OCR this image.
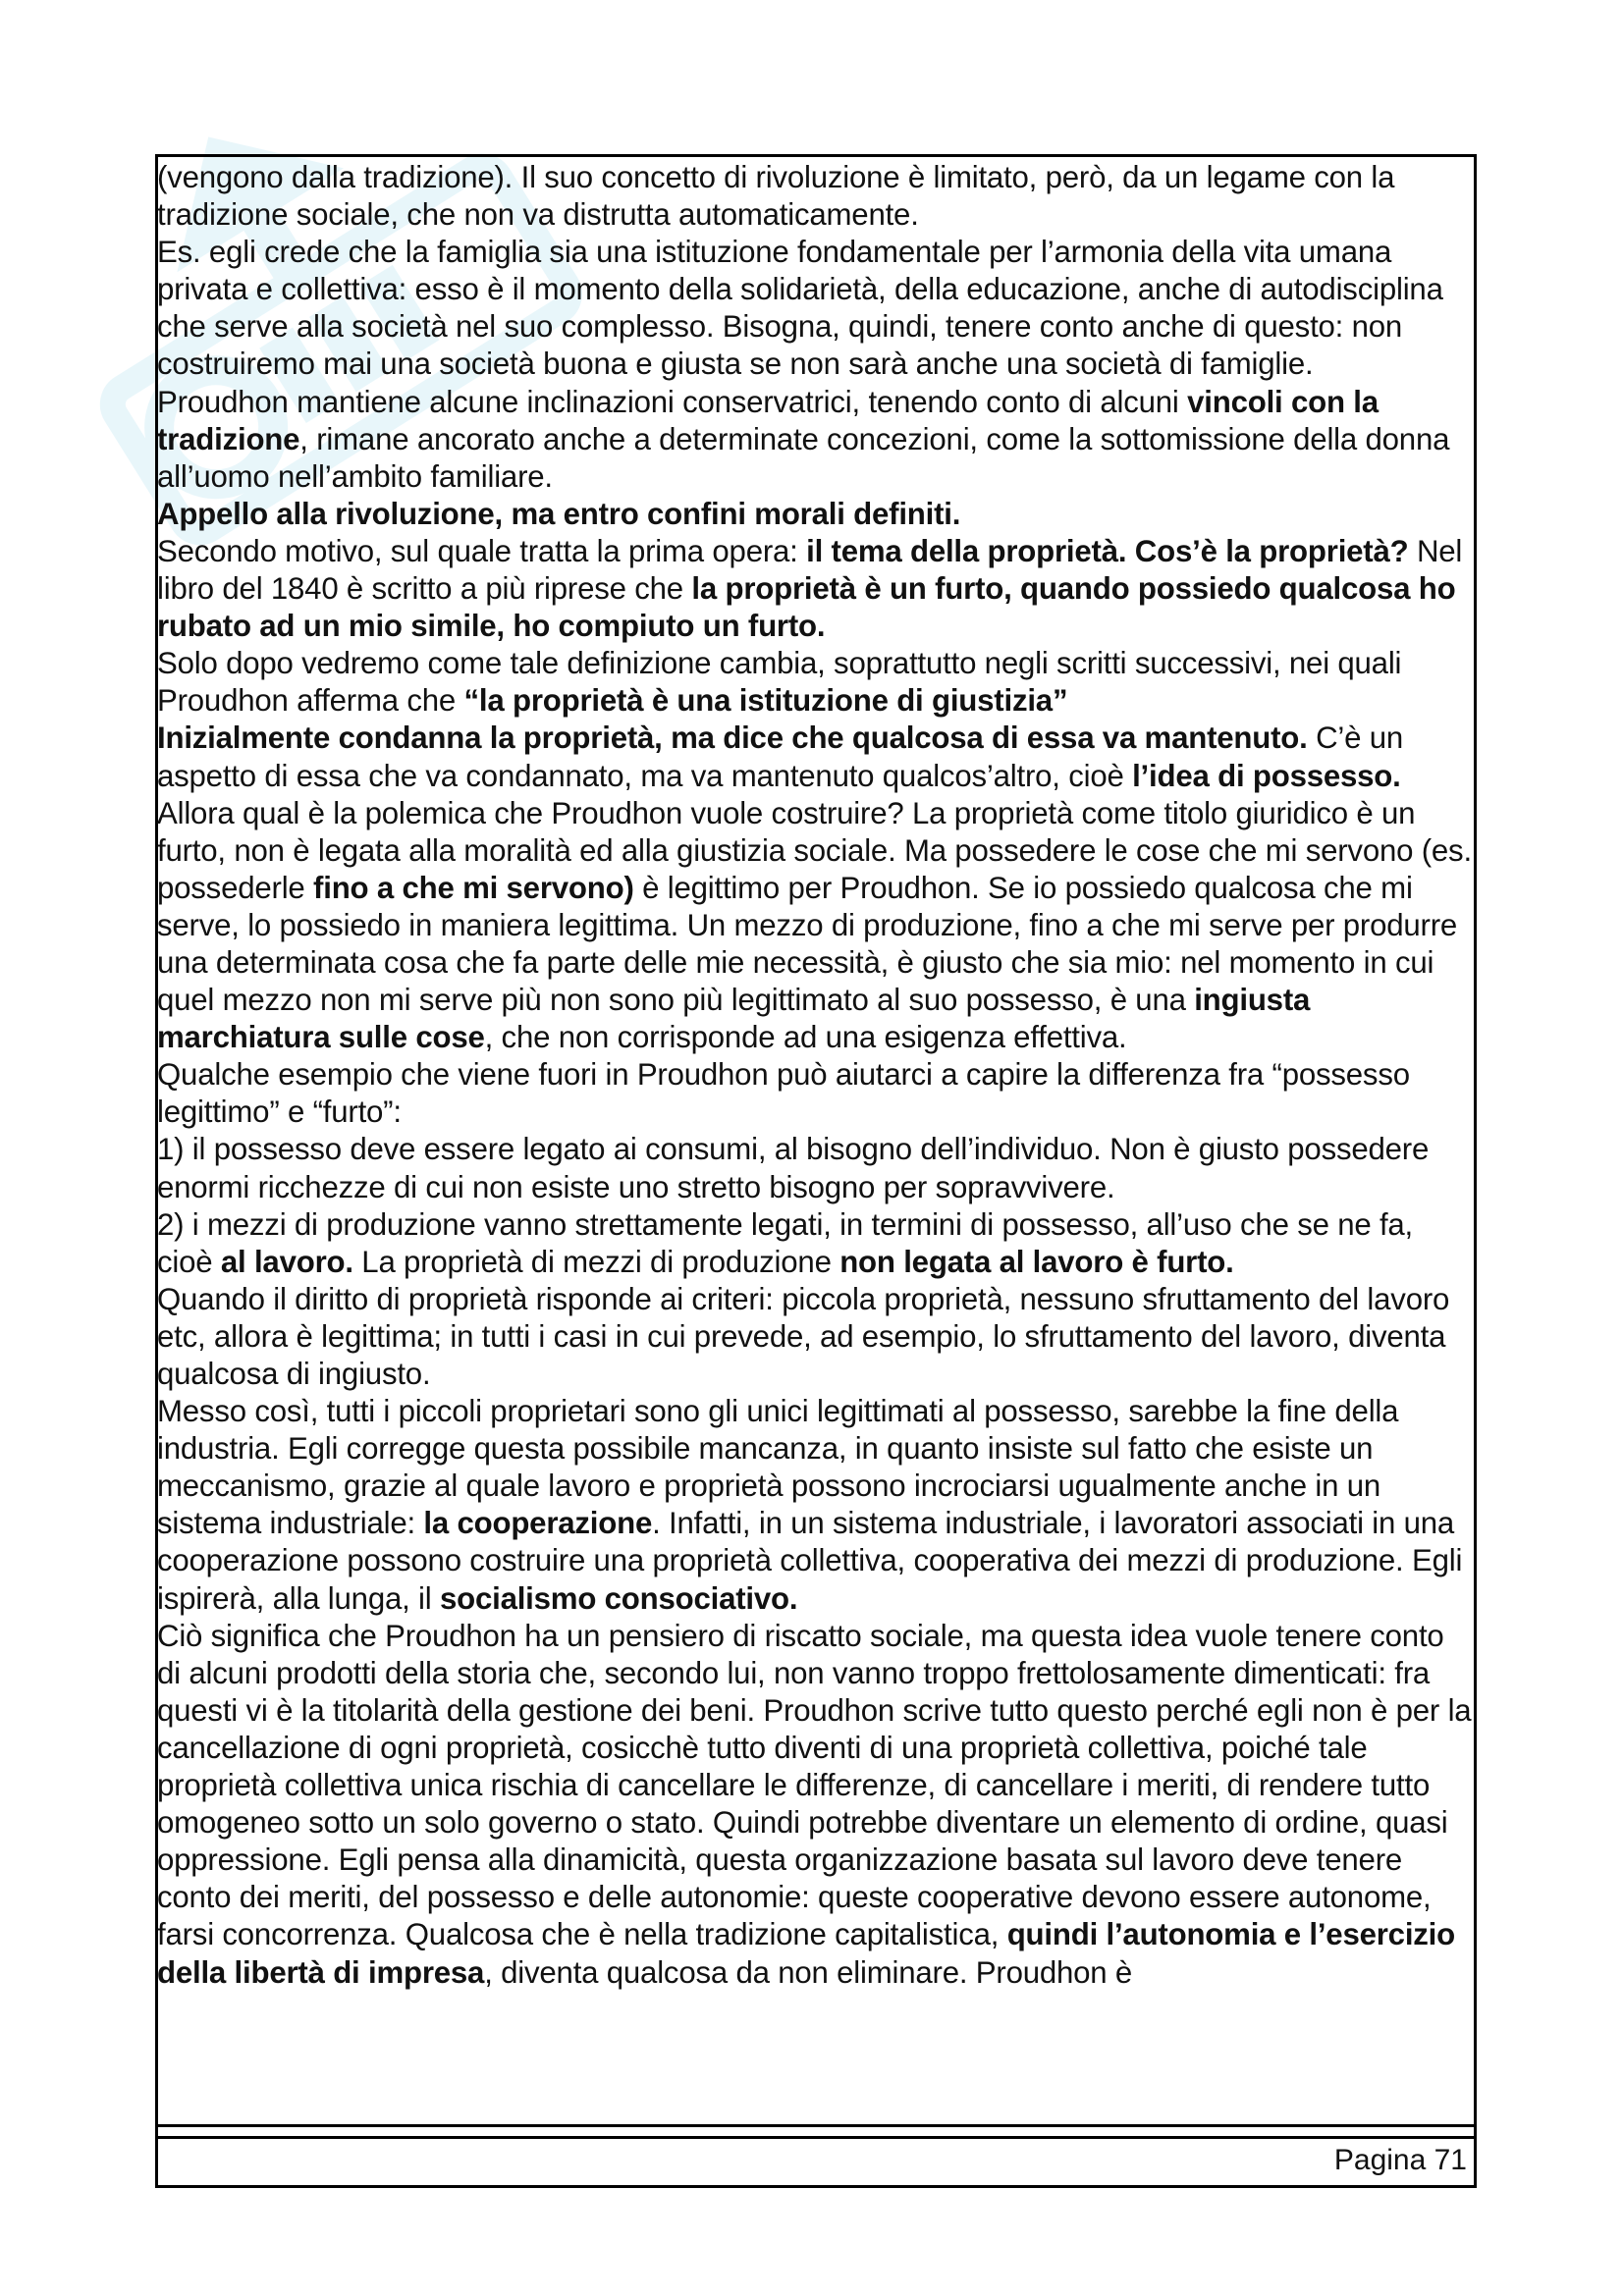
(vengono dalla tradizione). Il suo concetto di rivoluzione è limitato, però, da un legame con la tradizione sociale, che non va distrutta automaticamente.

Es. egli crede che la famiglia sia una istituzione fondamentale per l’armonia della vita umana privata e collettiva: esso è il momento della solidarietà, della educazione, anche di autodisciplina che serve alla società nel suo complesso. Bisogna, quindi, tenere conto anche di questo: non costruiremo mai una società buona e giusta se non sarà anche una società di famiglie.

Proudhon mantiene alcune inclinazioni conservatrici, tenendo conto di alcuni vincoli con la tradizione, rimane ancorato anche a determinate concezioni, come la sottomissione della donna all’uomo nell’ambito familiare.

Appello alla rivoluzione, ma entro confini morali definiti.

Secondo motivo, sul quale tratta la prima opera: il tema della proprietà. Cos’è la proprietà? Nel libro del 1840 è scritto a più riprese che la proprietà è un furto, quando possiedo qualcosa ho rubato ad un mio simile, ho compiuto un furto.

Solo dopo vedremo come tale definizione cambia, soprattutto negli scritti successivi, nei quali Proudhon afferma che “la proprietà è una istituzione di giustizia”

Inizialmente condanna la proprietà, ma dice che qualcosa di essa va mantenuto. C’è un aspetto di essa che va condannato, ma va mantenuto qualcos’altro, cioè l’idea di possesso. Allora qual è la polemica che Proudhon vuole costruire? La proprietà come titolo giuridico è un furto, non è legata alla moralità ed alla giustizia sociale. Ma possedere le cose che mi servono (es. possederle fino a che mi servono) è legittimo per Proudhon. Se io possiedo qualcosa che mi serve, lo possiedo in maniera legittima. Un mezzo di produzione, fino a che mi serve per produrre una determinata cosa che fa parte delle mie necessità, è giusto che sia mio: nel momento in cui quel mezzo non mi serve più non sono più legittimato al suo possesso, è una ingiusta marchiatura sulle cose, che non corrisponde ad una esigenza effettiva.

Qualche esempio che viene fuori in Proudhon può aiutarci a capire la differenza fra “possesso legittimo” e “furto”:

1) il possesso deve essere legato ai consumi, al bisogno dell’individuo. Non è giusto possedere enormi ricchezze di cui non esiste uno stretto bisogno per sopravvivere.

2) i mezzi di produzione vanno strettamente legati, in termini di possesso, all’uso che se ne fa, cioè al lavoro. La proprietà di mezzi di produzione non legata al lavoro è furto.

Quando il diritto di proprietà risponde ai criteri: piccola proprietà, nessuno sfruttamento del lavoro etc, allora è legittima; in tutti i casi in cui prevede, ad esempio, lo sfruttamento del lavoro, diventa qualcosa di ingiusto.

Messo così, tutti i piccoli proprietari sono gli unici legittimati al possesso, sarebbe la fine della industria. Egli corregge questa possibile mancanza, in quanto insiste sul fatto che esiste un meccanismo, grazie al quale lavoro e proprietà possono incrociarsi ugualmente anche in un sistema industriale: la cooperazione. Infatti, in un sistema industriale, i lavoratori associati in una cooperazione possono costruire una proprietà collettiva, cooperativa dei mezzi di produzione. Egli ispirerà, alla lunga, il socialismo consociativo.

Ciò significa che Proudhon ha un pensiero di riscatto sociale, ma questa idea vuole tenere conto di alcuni prodotti della storia che, secondo lui, non vanno troppo frettolosamente dimenticati: fra questi vi è la titolarità della gestione dei beni. Proudhon scrive tutto questo perché egli non è per la cancellazione di ogni proprietà, cosicchè tutto diventi di una proprietà collettiva, poiché tale proprietà collettiva unica rischia di cancellare le differenze, di cancellare i meriti, di rendere tutto omogeneo sotto un solo governo o stato. Quindi potrebbe diventare un elemento di ordine, quasi oppressione. Egli pensa alla dinamicità, questa organizzazione basata sul lavoro deve tenere conto dei meriti, del possesso e delle autonomie: queste cooperative devono essere autonome, farsi concorrenza. Qualcosa che è nella tradizione capitalistica, quindi l’autonomia e l’esercizio della libertà di impresa, diventa qualcosa da non eliminare. Proudhon è

Pagina 71
